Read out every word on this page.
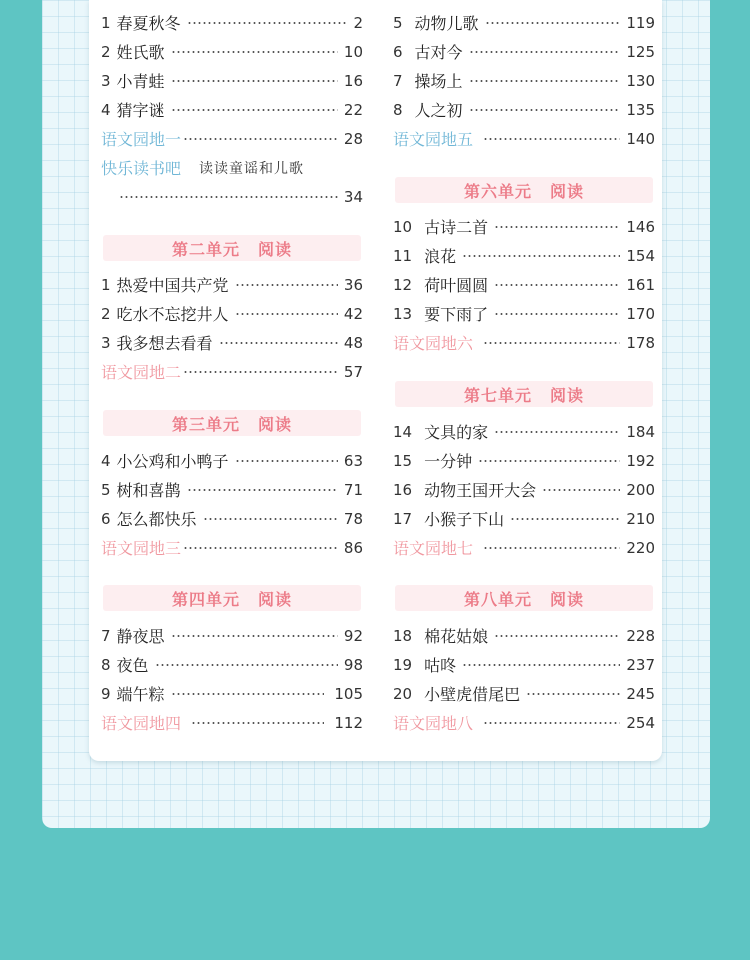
1 春夏秋冬	2
2 姓氏歌	10
3 小青蛙	16
4 猜字谜	22
语文园地一	28
快乐读书吧 读读童谣和儿歌
34
第二单元 阅读
1 热爱中国共产党	36
2 吃水不忘挖井人	42
3 我多想去看看	48
语文园地二	57
第三单元 阅读
4 小公鸡和小鸭子	63
5 树和喜鹊	71
6 怎么都快乐	78
语文园地三	86
第四单元 阅读
7 静夜思	92
8 夜色	98
9 端午粽	105
语文园地四	112
5 动物儿歌	119
6 古对今	125
7 操场上	130
8 人之初	135
语文园地五	140
第六单元 阅读
10 古诗二首	146
11 浪花	154
12 荷叶圆圆	161
13 要下雨了	170
语文园地六	178
第七单元 阅读
14 文具的家	184
15 一分钟	192
16 动物王国开大会	200
17 小猴子下山	210
语文园地七	220
第八单元 阅读
18 棉花姑娘	228
19 咕咚	237
20 小壁虎借尾巴	245
语文园地八	254
